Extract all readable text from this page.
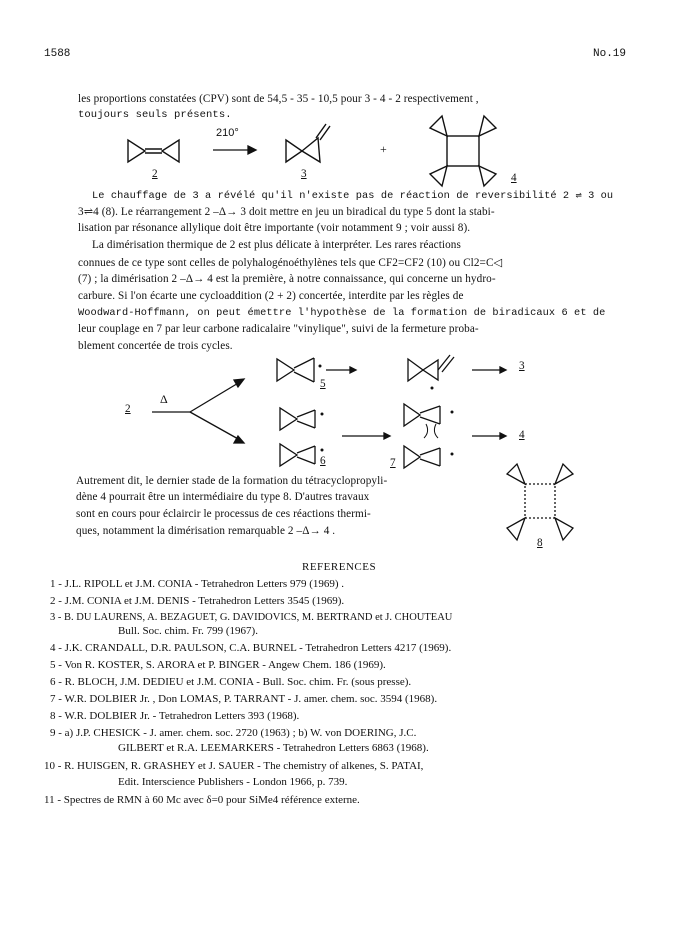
1588	No.19
les proportions constatées (CPV) sont de 54,5 - 35 - 10,5 pour 3 - 4 - 2 respectivement ,
toujours seuls présents.
210°
+
2	3	4
Le chauffage de 3 a révélé qu'il n'existe pas de réaction de reversibilité 2 ⇌ 3 ou
3⇌4 (8). Le réarrangement 2 –Δ→ 3 doit mettre en jeu un biradical du type 5 dont la stabi-
lisation par résonance allylique doit être importante (voir notamment 9 ; voir aussi 8).
La dimérisation thermique de 2 est plus délicate à interpréter. Les rares réactions
connues de ce type sont celles de polyhalogénoéthylènes tels que CF2=CF2 (10) ou Cl2=C◁
(7) ; la dimérisation 2 –Δ→ 4 est la première, à notre connaissance, qui concerne un hydro-
carbure. Si l'on écarte une cycloaddition (2 + 2) concertée, interdite par les règles de
Woodward-Hoffmann, on peut émettre l'hypothèse de la formation de biradicaux 6 et de
leur couplage en 7 par leur carbone radicalaire "vinylique", suivi de la fermeture proba-
blement concertée de trois cycles.
2
Δ
5
3
6	7
4
Autrement dit, le dernier stade de la formation du tétracyclopropyli-
dène 4 pourrait être un intermédiaire du type 8. D'autres travaux
sont en cours pour éclaircir le processus de ces réactions thermi-
ques, notamment la dimérisation remarquable 2 –Δ→ 4 .
8
REFERENCES
1 - J.L. RIPOLL et J.M. CONIA - Tetrahedron Letters 979 (1969) .
2 - J.M. CONIA et J.M. DENIS - Tetrahedron Letters 3545 (1969).
3 - B. DU LAURENS, A. BEZAGUET, G. DAVIDOVICS, M. BERTRAND et J. CHOUTEAU
Bull. Soc. chim. Fr. 799 (1967).
4 - J.K. CRANDALL, D.R. PAULSON, C.A. BURNEL - Tetrahedron Letters 4217 (1969).
5 - Von R. KOSTER, S. ARORA et P. BINGER - Angew Chem. 186 (1969).
6 - R. BLOCH, J.M. DEDIEU et J.M. CONIA - Bull. Soc. chim. Fr. (sous presse).
7 - W.R. DOLBIER Jr. , Don LOMAS, P. TARRANT - J. amer. chem. soc. 3594 (1968).
8 - W.R. DOLBIER Jr. - Tetrahedron Letters 393 (1968).
9 - a) J.P. CHESICK - J. amer. chem. soc. 2720 (1963) ; b) W. von DOERING, J.C.
GILBERT et R.A. LEEMARKERS - Tetrahedron Letters 6863 (1968).
10 - R. HUISGEN, R. GRASHEY et J. SAUER - The chemistry of alkenes, S. PATAI,
Edit. Interscience Publishers - London 1966, p. 739.
11 - Spectres de RMN à 60 Mc avec δ=0 pour SiMe4 référence externe.
